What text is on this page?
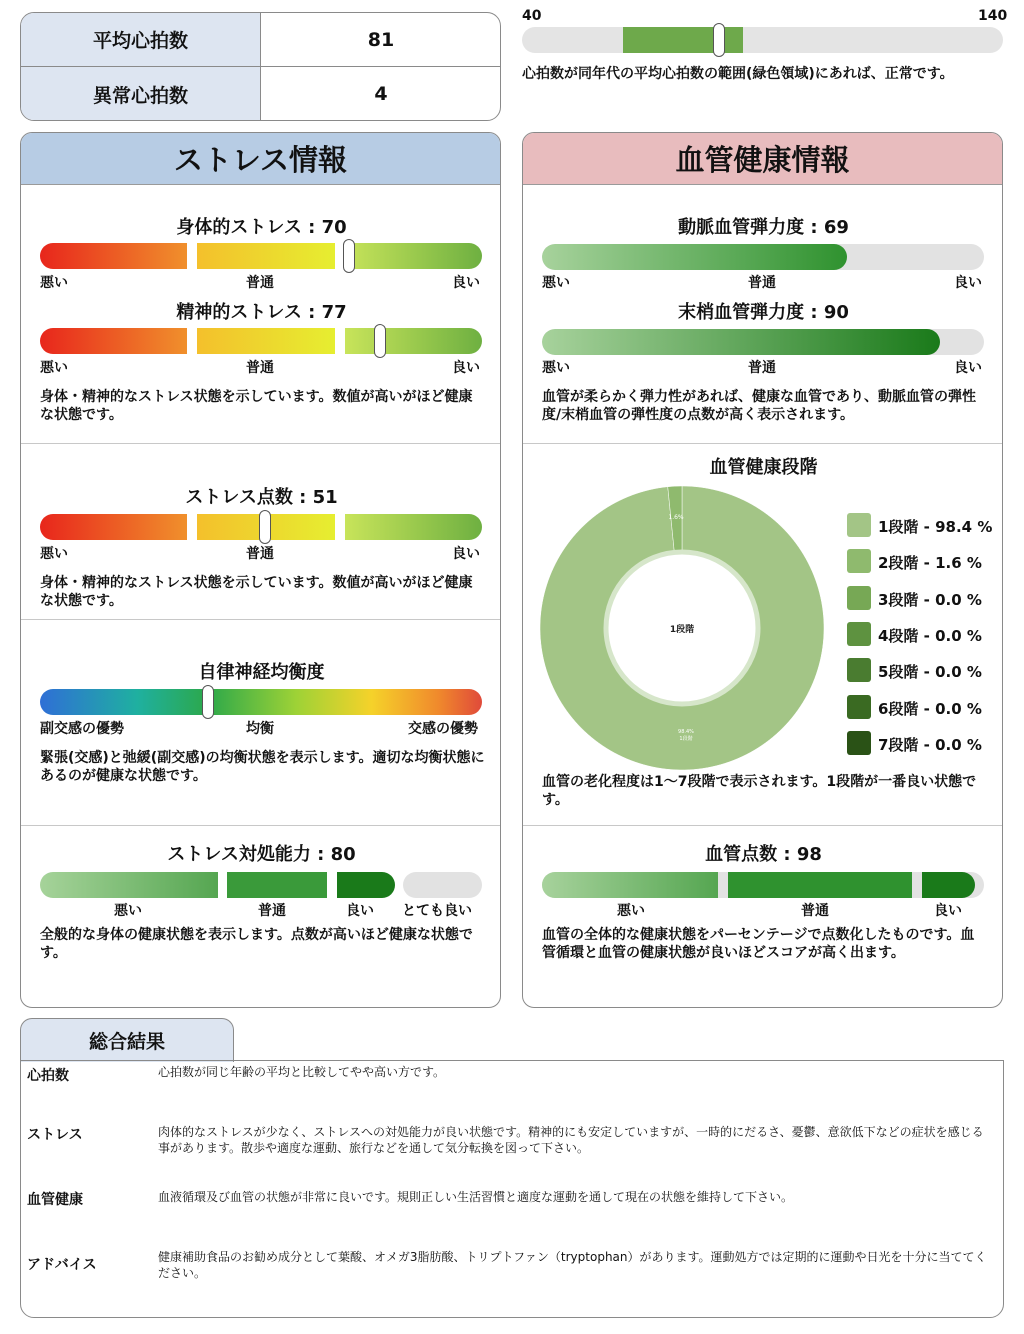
平均心拍数	81
異常心拍数	4
40	140
心拍数が同年代の平均心拍数の範囲(緑色領域)にあれば、正常です。
ストレス情報
身体的ストレス : 70
悪い	普通	良い
精神的ストレス : 77
悪い	普通	良い
身体・精神的なストレス状態を示しています。数値が高いがほど健康な状態です。
ストレス点数 : 51
悪い	普通	良い
身体・精神的なストレス状態を示しています。数値が高いがほど健康な状態です。
自律神経均衡度
副交感の優勢	均衡	交感の優勢
緊張(交感)と弛緩(副交感)の均衡状態を表示します。適切な均衡状態にあるのが健康な状態です。
ストレス対処能力 : 80
悪い	普通	良い とても良い
全般的な身体の健康状態を表示します。点数が高いほど健康な状態です。
血管健康情報
動脈血管弾力度 : 69
悪い	普通	良い
末梢血管弾力度 : 90
悪い	普通	良い
血管が柔らかく弾力性があれば、健康な血管であり、動脈血管の弾性度/末梢血管の弾性度の点数が高く表示されます。
血管健康段階
1段階
1.6%
98.4%
1段階
1段階 - 98.4 %
2段階 - 1.6 %
3段階 - 0.0 %
4段階 - 0.0 %
5段階 - 0.0 %
6段階 - 0.0 %
7段階 - 0.0 %
血管の老化程度は1〜7段階で表示されます。1段階が一番良い状態です。
血管点数 : 98
悪い	普通	良い
血管の全体的な健康状態をパーセンテージで点数化したものです。血管循環と血管の健康状態が良いほどスコアが高く出ます。
総合結果
心拍数	心拍数が同じ年齢の平均と比較してやや高い方です。
ストレス	肉体的なストレスが少なく、ストレスへの対処能力が良い状態です。精神的にも安定していますが、一時的にだるさ、憂鬱、意欲低下などの症状を感じる事があります。散歩や適度な運動、旅行などを通して気分転換を図って下さい。
血管健康	血液循環及び血管の状態が非常に良いです。規則正しい生活習慣と適度な運動を通して現在の状態を維持して下さい。
アドバイス	健康補助食品のお勧め成分として葉酸、オメガ3脂肪酸、トリプトファン（tryptophan）があります。運動処方では定期的に運動や日光を十分に当ててください。
